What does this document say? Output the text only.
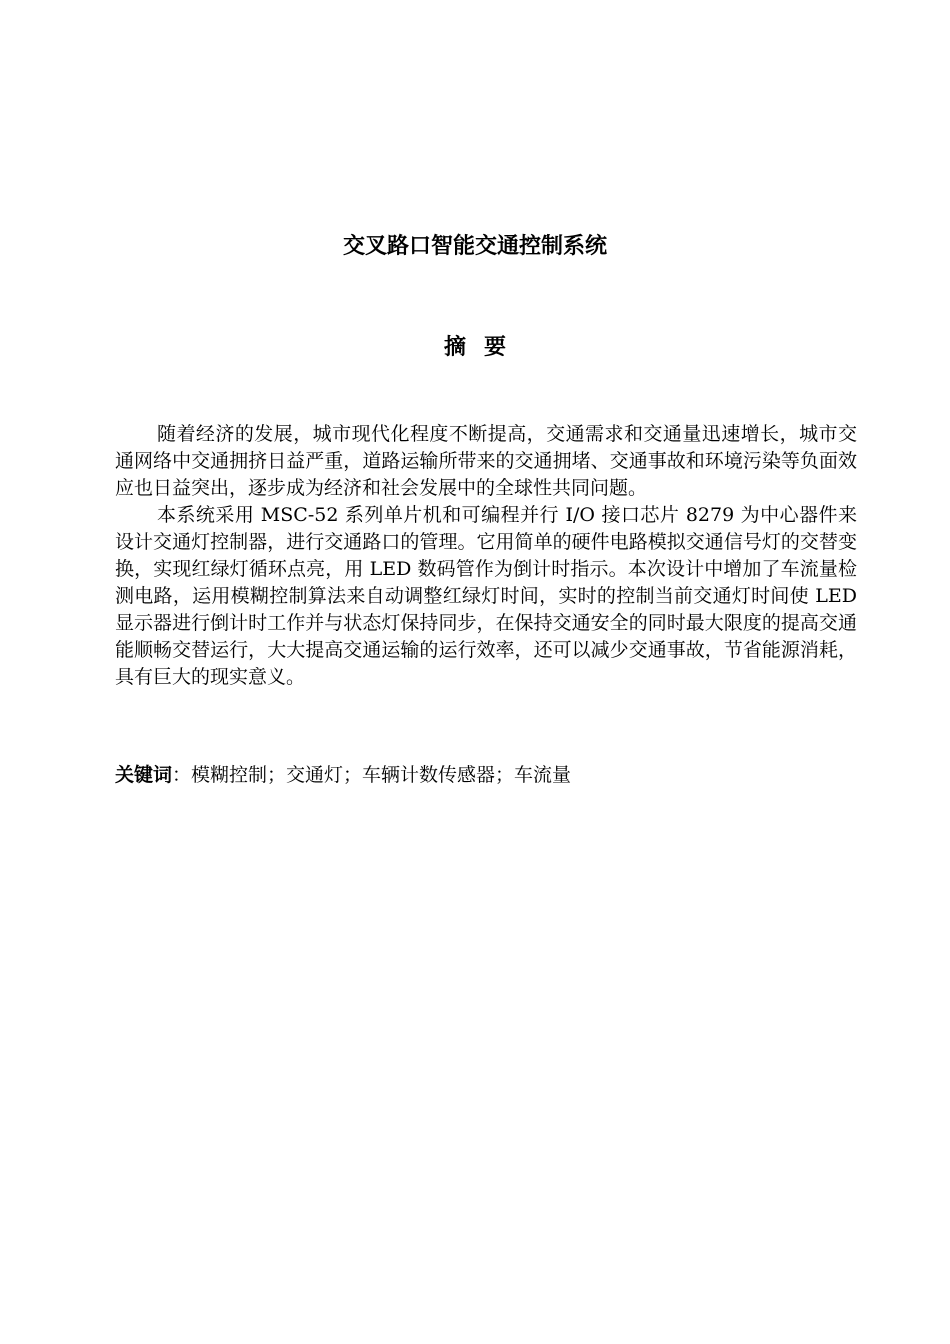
交叉路口智能交通控制系统
摘要

随着经济的发展，城市现代化程度不断提高，交通需求和交通量迅速增长，城市交通网络中交通拥挤日益严重，道路运输所带来的交通拥堵、交通事故和环境污染等负面效应也日益突出，逐步成为经济和社会发展中的全球性共同问题。

本系统采用 MSC-52 系列单片机和可编程并行 I/O 接口芯片 8279 为中心器件来设计交通灯控制器，进行交通路口的管理。它用简单的硬件电路模拟交通信号灯的交替变换，实现红绿灯循环点亮，用 LED 数码管作为倒计时指示。本次设计中增加了车流量检测电路，运用模糊控制算法来自动调整红绿灯时间，实时的控制当前交通灯时间使 LED 显示器进行倒计时工作并与状态灯保持同步，在保持交通安全的同时最大限度的提高交通能顺畅交替运行，大大提高交通运输的运行效率，还可以减少交通事故，节省能源消耗，具有巨大的现实意义。

关键词：模糊控制；交通灯；车辆计数传感器；车流量
